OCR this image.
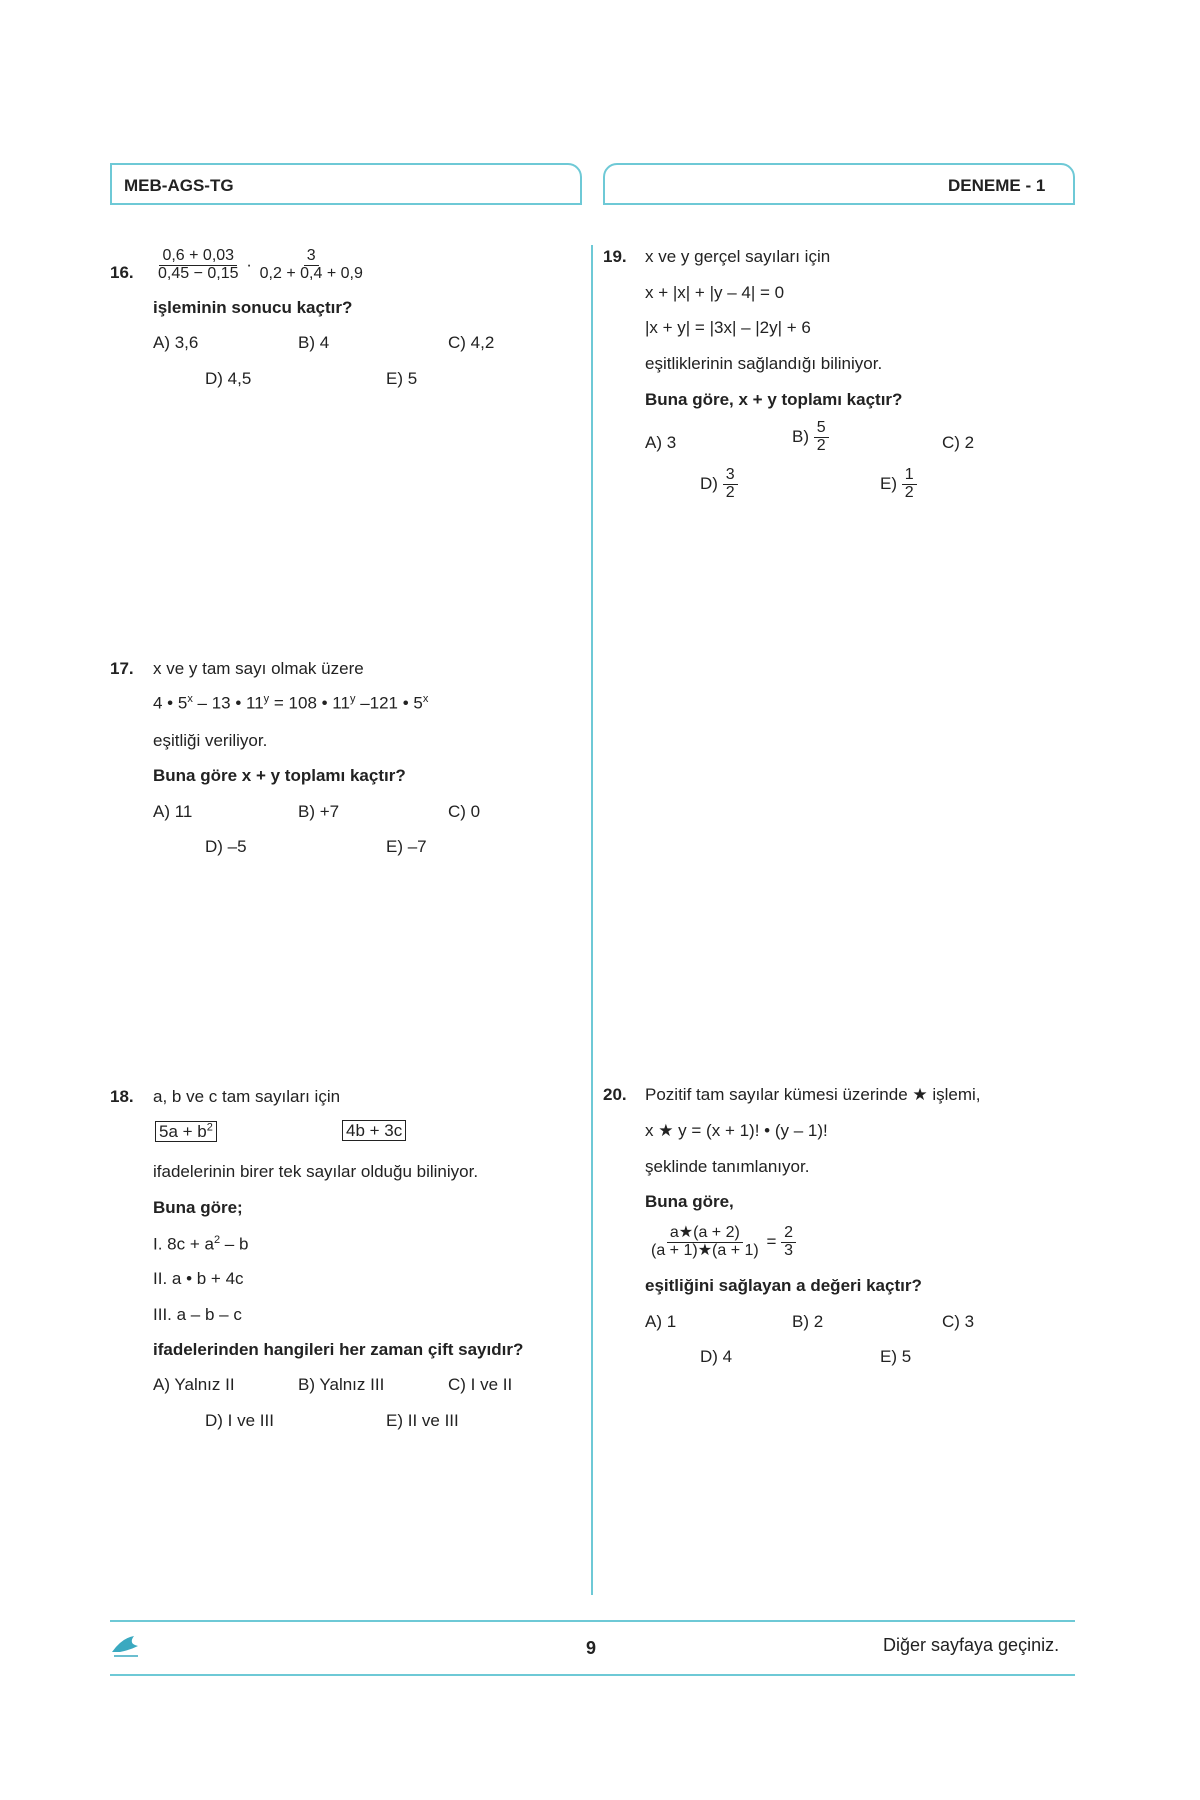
MEB-AGS-TG	DENEME - 1
16. $\frac{0,6 + 0,03}{0,45 - 0,15} \cdot \frac{3}{0,2 + 0,4 + 0,9}$
işleminin sonucu kaçtır?
A) 3,6	B) 4	C) 4,2
D) 4,5	E) 5
17. x ve y tam sayı olmak üzere
4 • 5$^x$ – 13 • $11^y = 108$ • 11$^y$ –121 • 5$^x$
eşitliği veriliyor.
Buna göre x + y toplamı kaçtır?
A) 11	B) +7	C) 0
D) –5	E) –7
18. a, b ve c tam sayıları için
$5a + b^2$	4b + 3c
ifadelerinin birer tek sayılar olduğu biliniyor.
Buna göre;
I. $8c + a^2 - b$
II. a • b + 4c
III. a – b – c
ifadelerinden hangileri her zaman çift sayıdır?
A) Yalnız II	B) Yalnız III	C) I ve II
D) I ve III	E) II ve III
19. x ve y gerçel sayıları için
x + |x| + |y – 4| = 0
|x + y| = |3x| – |2y| + 6
eşitliklerinin sağlandığı biliniyor.
Buna göre, x + y toplamı kaçtır?
A) 3	$B) \frac{5}{2}$	C) 2
$D) \frac{3}{2}$	$E) \frac{1}{2}$
20. Pozitif tam sayılar kümesi üzerinde ★ işlemi,
x ★ y = (x + 1)! • (y – 1)!
şeklinde tanımlanıyor.
Buna göre,
$\frac{a★(a + 2)}{(a + 1)★(a + 1)} = \frac{2}{3}$
eşitliğini sağlayan a değeri kaçtır?
A) 1	B) 2	C) 3
D) 4	E) 5
9	Diğer sayfaya geçiniz.
